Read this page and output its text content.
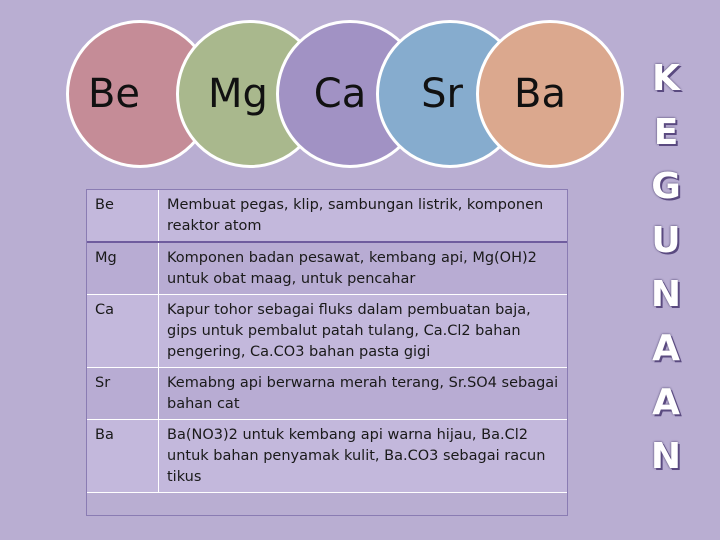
Be Mg Ca Sr Ba
Be	Membuat pegas, klip, sambungan listrik, komponen reaktor atom
Mg	Komponen badan pesawat, kembang api, Mg(OH)2 untuk obat maag, untuk pencahar
Ca	Kapur tohor sebagai fluks dalam pembuatan baja, gips untuk pembalut patah tulang, Ca.Cl2 bahan pengering, Ca.CO3 bahan pasta gigi
Sr	Kemabng api berwarna merah terang, Sr.SO4 sebagai bahan cat
Ba	Ba(NO3)2 untuk kembang api warna hijau, Ba.Cl2 untuk bahan penyamak kulit, Ba.CO3 sebagai racun tikus
K
E
G
U
N
A
A
N
